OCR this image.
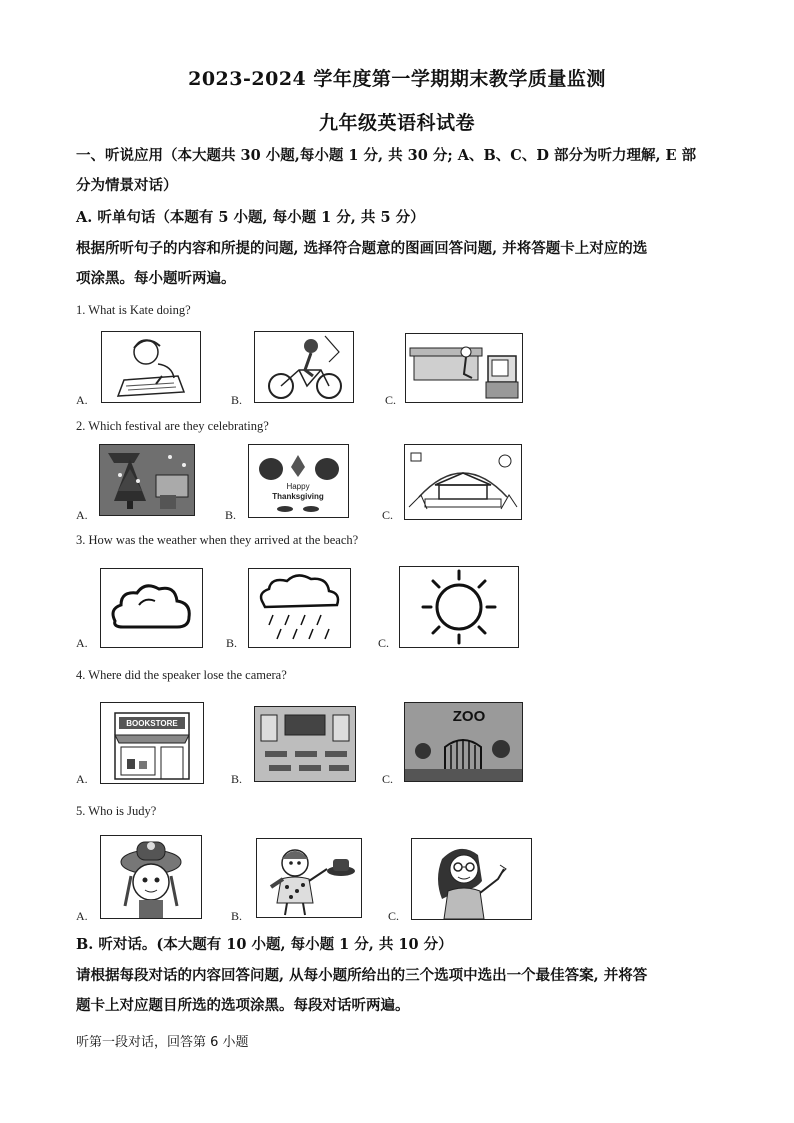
2023-2024 学年度第一学期期末教学质量监测
九年级英语科试卷
一、听说应用（本大题共 30 小题,每小题 1 分, 共 30 分; A、B、C、D 部分为听力理解, E 部
分为情景对话）
A. 听单句话（本题有 5 小题, 每小题 1 分, 共 5 分）
根据所听句子的内容和所提的问题, 选择符合题意的图画回答问题, 并将答题卡上对应的选
项涂黑。每小题听两遍。
1. What is Kate doing?
A.	B.	C.
2. Which festival are they celebrating?
A.	B.
Happy
Thanksgiving
C.
3. How was the weather when they arrived at the beach?
A.	B.	C.
4. Where did the speaker lose the camera?
A.
BOOKSTORE
B.	C.
ZOO
5. Who is Judy?
A.	B.	C.
B. 听对话。(本大题有 10 小题, 每小题 1 分, 共 10 分）
请根据每段对话的内容回答问题, 从每小题所给出的三个选项中选出一个最佳答案, 并将答
题卡上对应题目所选的选项涂黑。每段对话听两遍。
听第一段对话，回答第 6 小题
